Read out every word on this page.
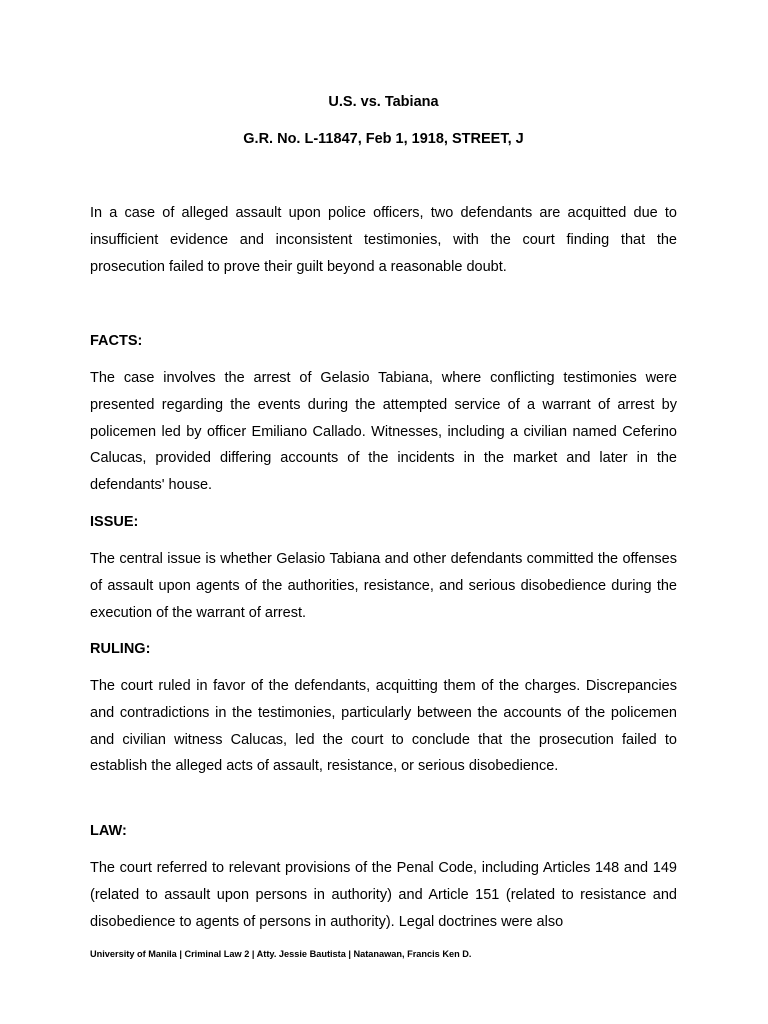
U.S. vs. Tabiana
G.R. No. L-11847, Feb 1, 1918, STREET, J

In a case of alleged assault upon police officers, two defendants are acquitted due to insufficient evidence and inconsistent testimonies, with the court finding that the prosecution failed to prove their guilt beyond a reasonable doubt.

FACTS:

The case involves the arrest of Gelasio Tabiana, where conflicting testimonies were presented regarding the events during the attempted service of a warrant of arrest by policemen led by officer Emiliano Callado. Witnesses, including a civilian named Ceferino Calucas, provided differing accounts of the incidents in the market and later in the defendants' house.

ISSUE:

The central issue is whether Gelasio Tabiana and other defendants committed the offenses of assault upon agents of the authorities, resistance, and serious disobedience during the execution of the warrant of arrest.

RULING:

The court ruled in favor of the defendants, acquitting them of the charges. Discrepancies and contradictions in the testimonies, particularly between the accounts of the policemen and civilian witness Calucas, led the court to conclude that the prosecution failed to establish the alleged acts of assault, resistance, or serious disobedience.

LAW:

The court referred to relevant provisions of the Penal Code, including Articles 148 and 149 (related to assault upon persons in authority) and Article 151 (related to resistance and disobedience to agents of persons in authority). Legal doctrines were also

University of Manila | Criminal Law 2 | Atty. Jessie Bautista | Natanawan, Francis Ken D.
